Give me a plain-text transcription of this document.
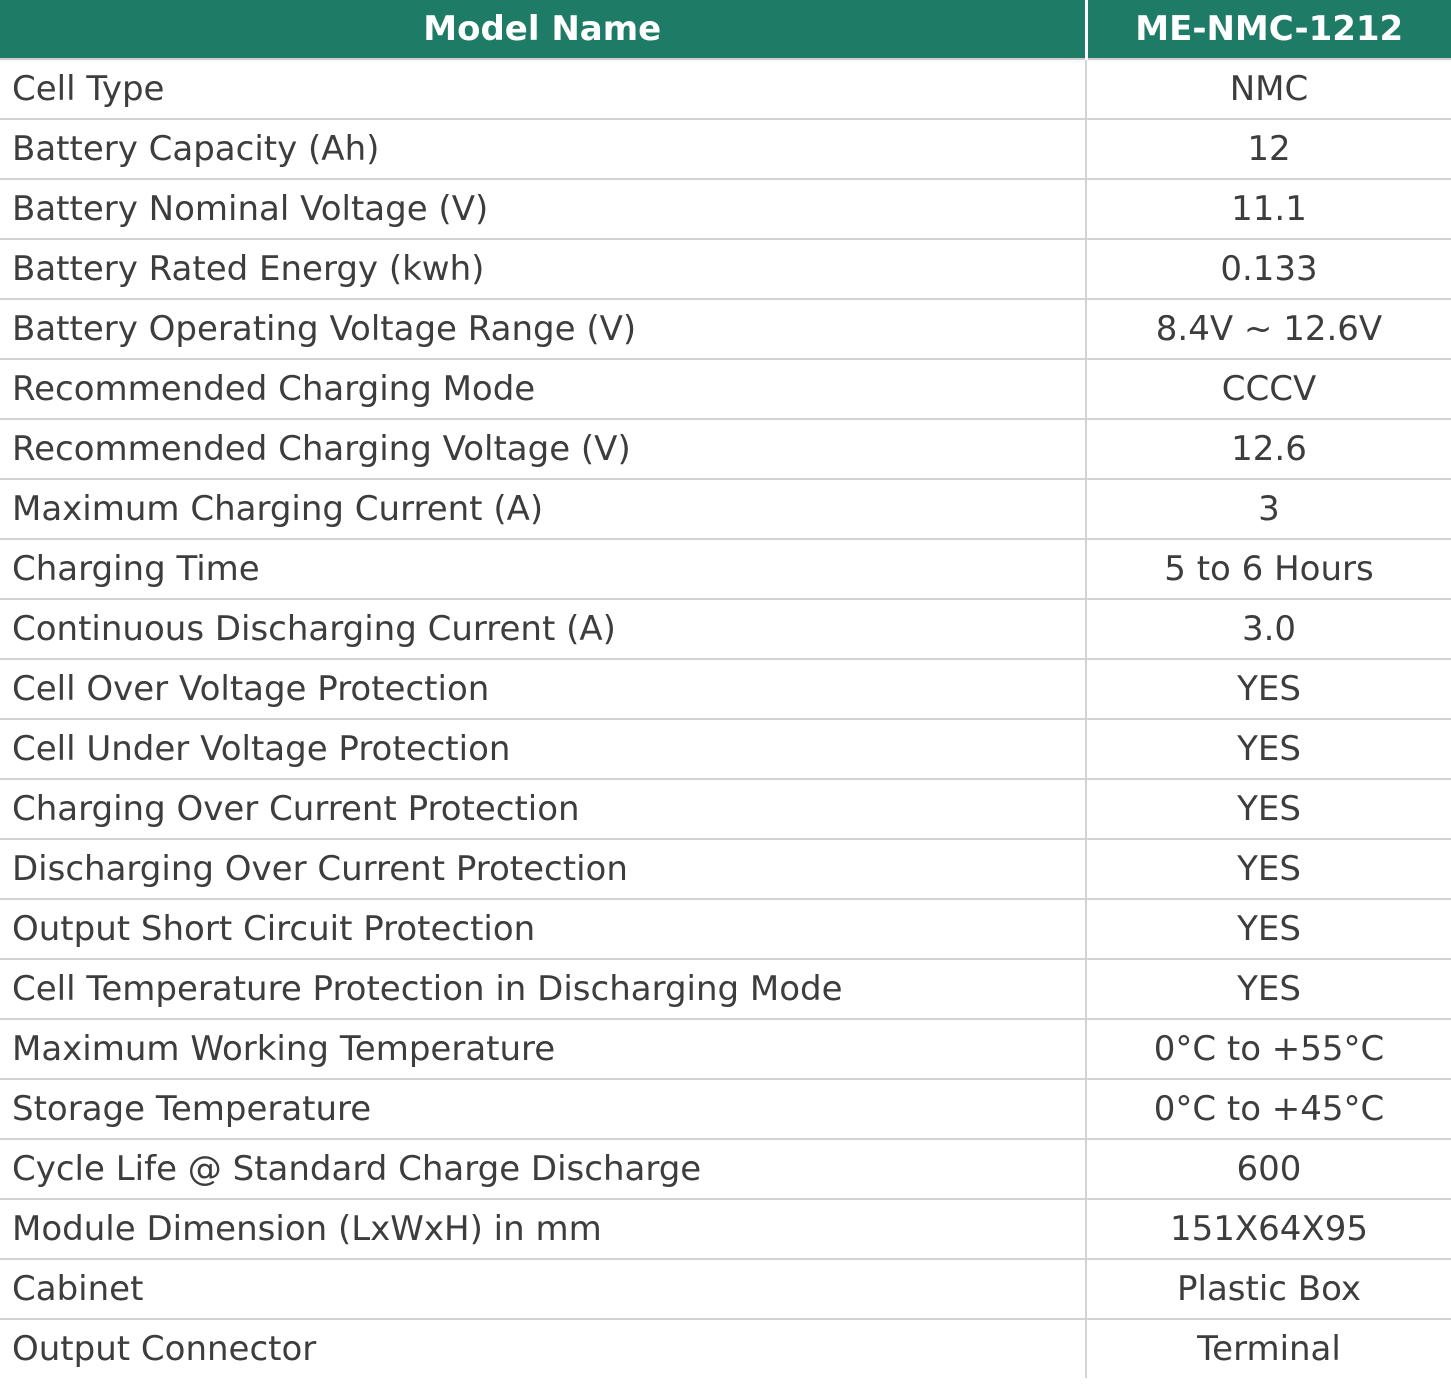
Model Name	ME-NMC-1212
Cell Type	NMC
Battery Capacity (Ah)	12
Battery Nominal Voltage (V)	11.1
Battery Rated Energy (kwh)	0.133
Battery Operating Voltage Range (V)	8.4V ~ 12.6V
Recommended Charging Mode	CCCV
Recommended Charging Voltage (V)	12.6
Maximum Charging Current (A)	3
Charging Time	5 to 6 Hours
Continuous Discharging Current (A)	3.0
Cell Over Voltage Protection	YES
Cell Under Voltage Protection	YES
Charging Over Current Protection	YES
Discharging Over Current Protection	YES
Output Short Circuit Protection	YES
Cell Temperature Protection in Discharging Mode	YES
Maximum Working Temperature	0°C to +55°C
Storage Temperature	0°C to +45°C
Cycle Life @ Standard Charge Discharge	600
Module Dimension (LxWxH) in mm	151X64X95
Cabinet	Plastic Box
Output Connector	Terminal
